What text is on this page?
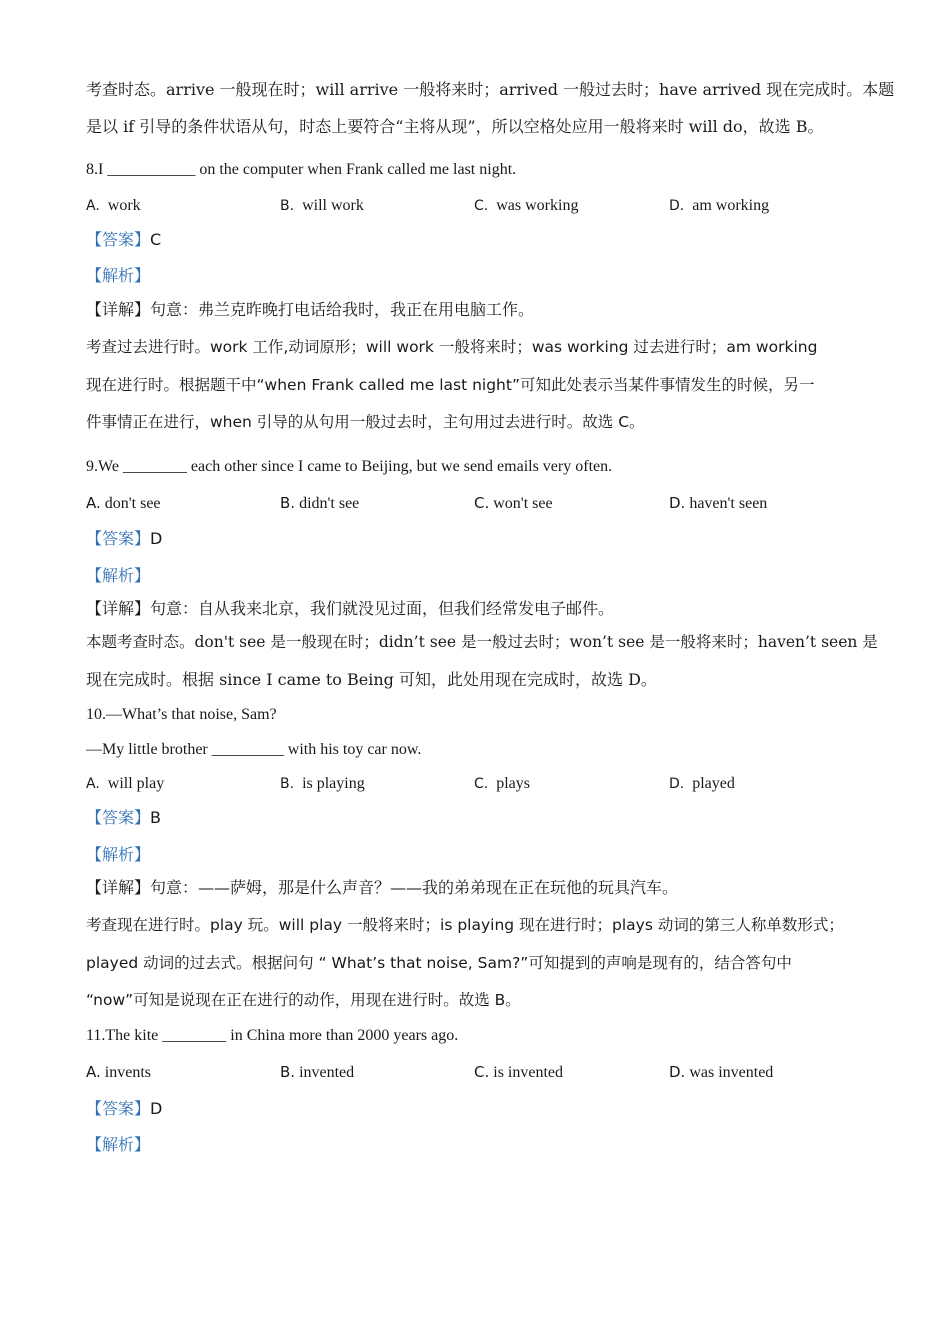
考查时态。arrive 一般现在时；will arrive 一般将来时；arrived 一般过去时；have arrived 现在完成时。本题
是以 if 引导的条件状语从句，时态上要符合“主将从现”，所以空格处应用一般将来时 will do，故选 B。
8.I ___________ on the computer when Frank called me last night.
A. work	B. will work	C. was working	D. am working
【答案】C
【解析】
【详解】句意：弗兰克昨晚打电话给我时，我正在用电脑工作。
考查过去进行时。work 工作,动词原形；will work 一般将来时；was working 过去进行时；am working
现在进行时。根据题干中“when Frank called me last night”可知此处表示当某件事情发生的时候，另一
件事情正在进行，when 引导的从句用一般过去时，主句用过去进行时。故选 C。
9.We ________ each other since I came to Beijing, but we send emails very often.
A. don't see	B. didn't see	C. won't see	D. haven't seen
【答案】D
【解析】
【详解】句意：自从我来北京，我们就没见过面，但我们经常发电子邮件。
本题考查时态。don't see 是一般现在时；didn’t see 是一般过去时；won’t see 是一般将来时；haven’t seen 是
现在完成时。根据 since I came to Being 可知，此处用现在完成时，故选 D。
10.—What’s that noise, Sam?
—My little brother _________ with his toy car now.
A. will play	B. is playing	C. plays	D. played
【答案】B
【解析】
【详解】句意：——萨姆，那是什么声音？——我的弟弟现在正在玩他的玩具汽车。
考查现在进行时。play 玩。will play 一般将来时；is playing 现在进行时；plays 动词的第三人称单数形式；
played 动词的过去式。根据问句 “ What’s that noise, Sam?”可知提到的声响是现有的，结合答句中
“now”可知是说现在正在进行的动作，用现在进行时。故选 B。
11.The kite ________ in China more than 2000 years ago.
A. invents	B. invented	C. is invented	D. was invented
【答案】D
【解析】
